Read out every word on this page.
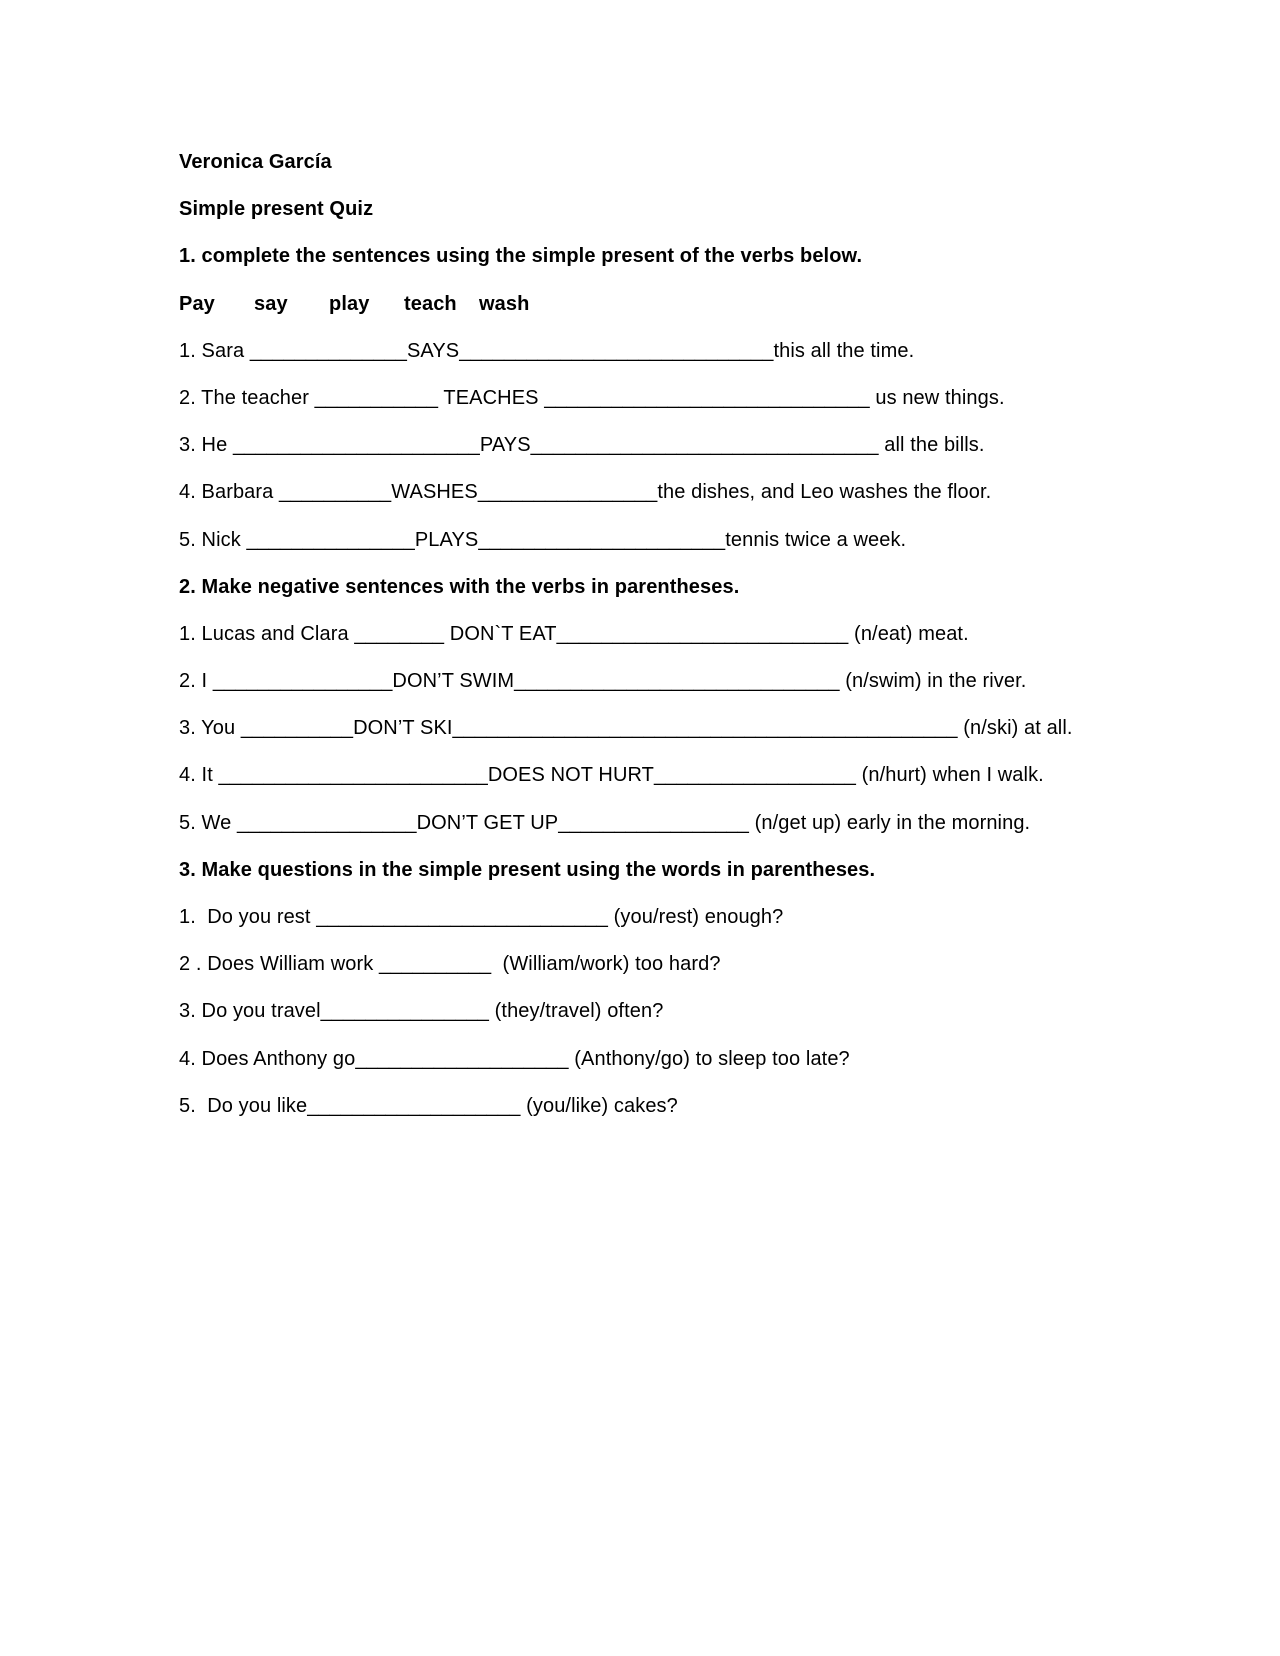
Veronica García
Simple present Quiz
1. complete the sentences using the simple present of the verbs below.
Pay say play teach wash
1. Sara ______________SAYS____________________________this all the time.
2. The teacher ___________ TEACHES _____________________________ us new things.
3. He ______________________PAYS_______________________________ all the bills.
4. Barbara __________WASHES________________the dishes, and Leo washes the floor.
5. Nick _______________PLAYS______________________tennis twice a week.
2. Make negative sentences with the verbs in parentheses.
1. Lucas and Clara ________ DON`T EAT__________________________ (n/eat) meat.
2. I ________________DON’T SWIM_____________________________ (n/swim) in the river.
3. You __________DON’T SKI_____________________________________________ (n/ski) at all.
4. It ________________________DOES NOT HURT__________________ (n/hurt) when I walk.
5. We ________________DON’T GET UP_________________ (n/get up) early in the morning.
3. Make questions in the simple present using the words in parentheses.
1.  Do you rest __________________________ (you/rest) enough?
2 . Does William work __________  (William/work) too hard?
3. Do you travel_______________ (they/travel) often?
4. Does Anthony go___________________ (Anthony/go) to sleep too late?
5.  Do you like___________________ (you/like) cakes?
